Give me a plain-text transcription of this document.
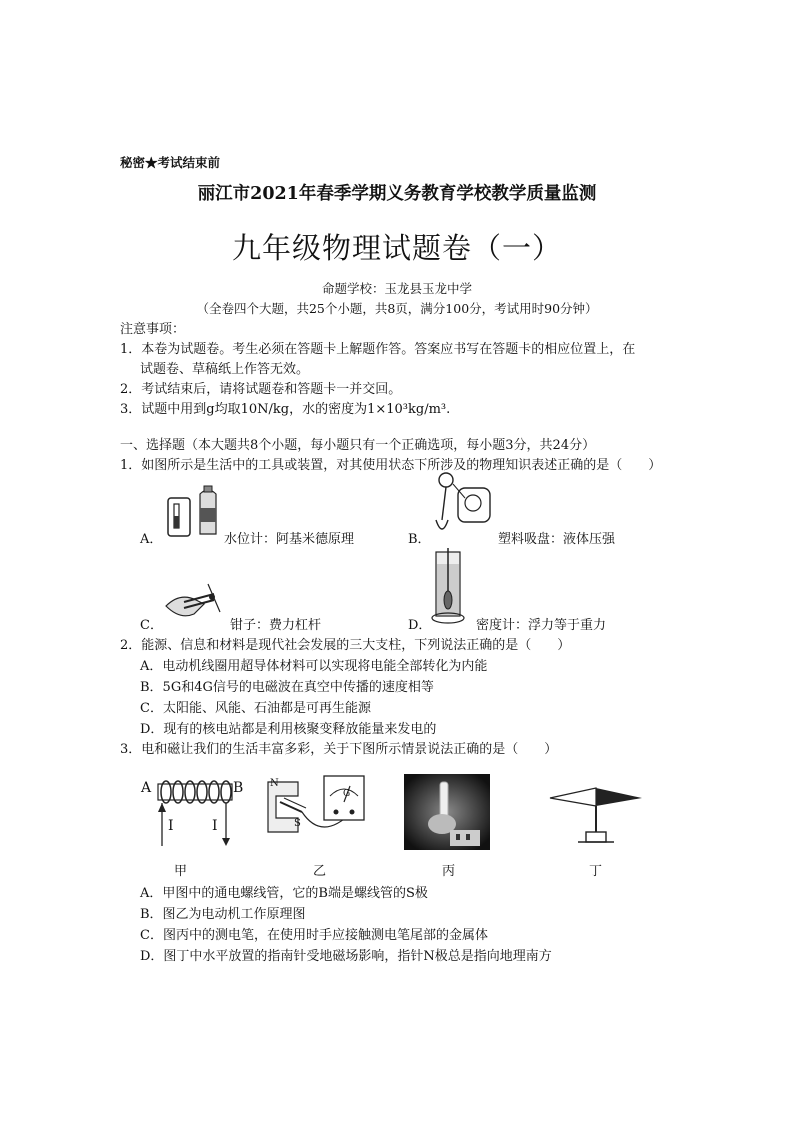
秘密★考试结束前
丽江市2021年春季学期义务教育学校教学质量监测
九年级物理试题卷（一）
命题学校：玉龙县玉龙中学
（全卷四个大题，共25个小题，共8页，满分100分，考试用时90分钟）
注意事项：
1．本卷为试题卷。考生必须在答题卡上解题作答。答案应书写在答题卡的相应位置上，在
试题卷、草稿纸上作答无效。
2．考试结束后，请将试题卷和答题卡一并交回。
3．试题中用到g均取10N/kg，水的密度为1×10³kg/m³.
一、选择题（本大题共8个小题，每小题只有一个正确选项，每小题3分，共24分）
1．如图所示是生活中的工具或装置，对其使用状态下所涉及的物理知识表述正确的是（　　）
A．	水位计：阿基米德原理	B．	塑料吸盘：液体压强
C．	钳子：费力杠杆	D．	密度计：浮力等于重力
2．能源、信息和材料是现代社会发展的三大支柱，下列说法正确的是（　　）
A．电动机线圈用超导体材料可以实现将电能全部转化为内能
B．5G和4G信号的电磁波在真空中传播的速度相等
C．太阳能、风能、石油都是可再生能源
D．现有的核电站都是利用核聚变释放能量来发电的
3．电和磁让我们的生活丰富多彩，关于下图所示情景说法正确的是（　　）
A	B
I	I
N
S
G
甲	乙	丙	丁
A．甲图中的通电螺线管，它的B端是螺线管的S极
B．图乙为电动机工作原理图
C．图丙中的测电笔，在使用时手应接触测电笔尾部的金属体
D．图丁中水平放置的指南针受地磁场影响，指针N极总是指向地理南方
